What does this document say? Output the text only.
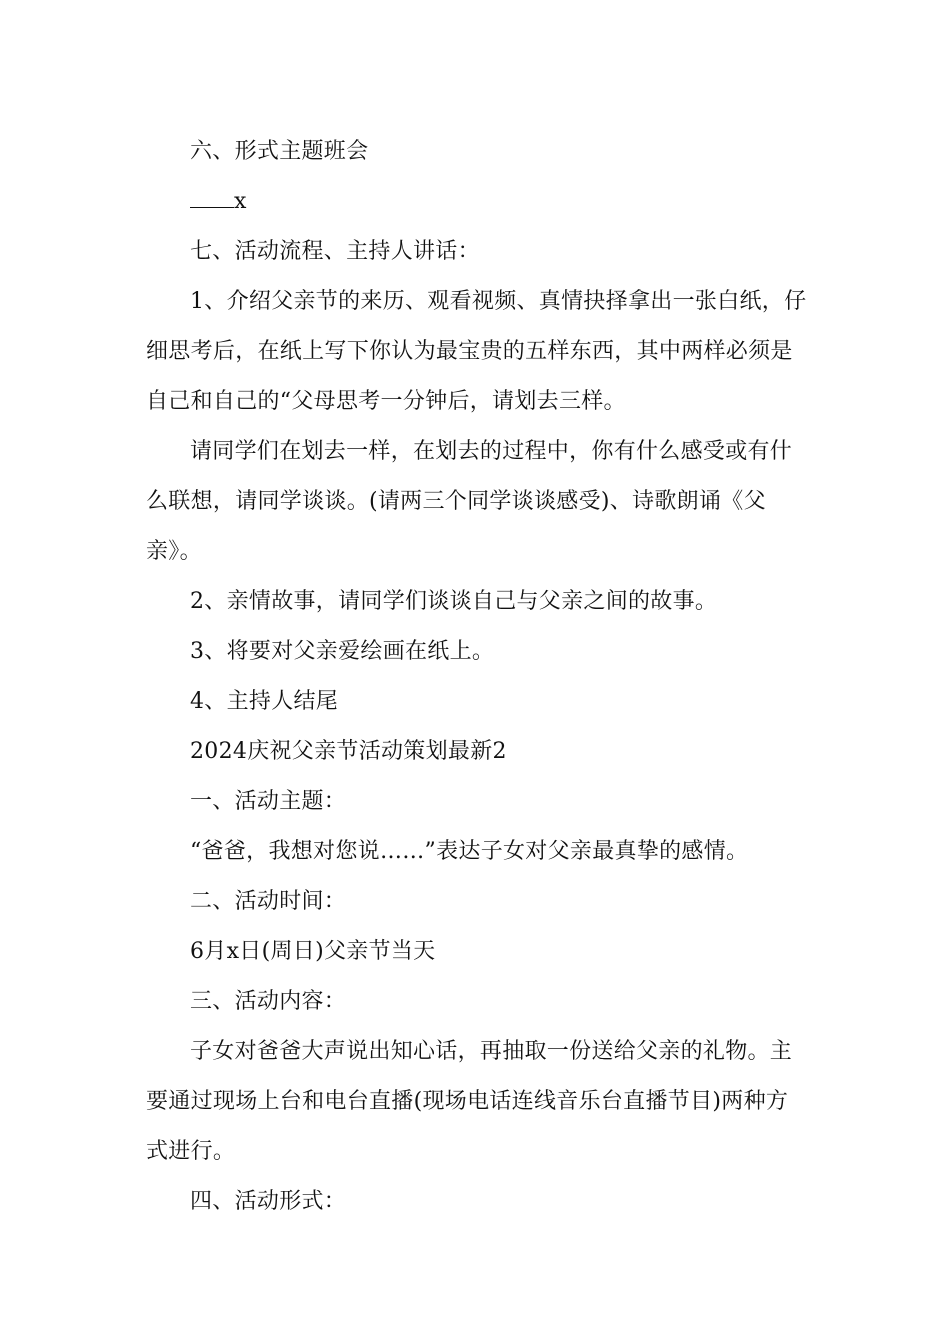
六、形式主题班会
x
七、活动流程、主持人讲话：
1、介绍父亲节的来历、观看视频、真情抉择拿出一张白纸，仔
细思考后，在纸上写下你认为最宝贵的五样东西，其中两样必须是
自己和自己的“父母思考一分钟后，请划去三样。
请同学们在划去一样，在划去的过程中，你有什么感受或有什
么联想，请同学谈谈。(请两三个同学谈谈感受)、诗歌朗诵《父
亲》。
2、亲情故事，请同学们谈谈自己与父亲之间的故事。
3、将要对父亲爱绘画在纸上。
4、主持人结尾
2024庆祝父亲节活动策划最新2
一、活动主题：
“爸爸，我想对您说……”表达子女对父亲最真挚的感情。
二、活动时间：
6月x日(周日)父亲节当天
三、活动内容：
子女对爸爸大声说出知心话，再抽取一份送给父亲的礼物。主
要通过现场上台和电台直播(现场电话连线音乐台直播节目)两种方
式进行。
四、活动形式：
